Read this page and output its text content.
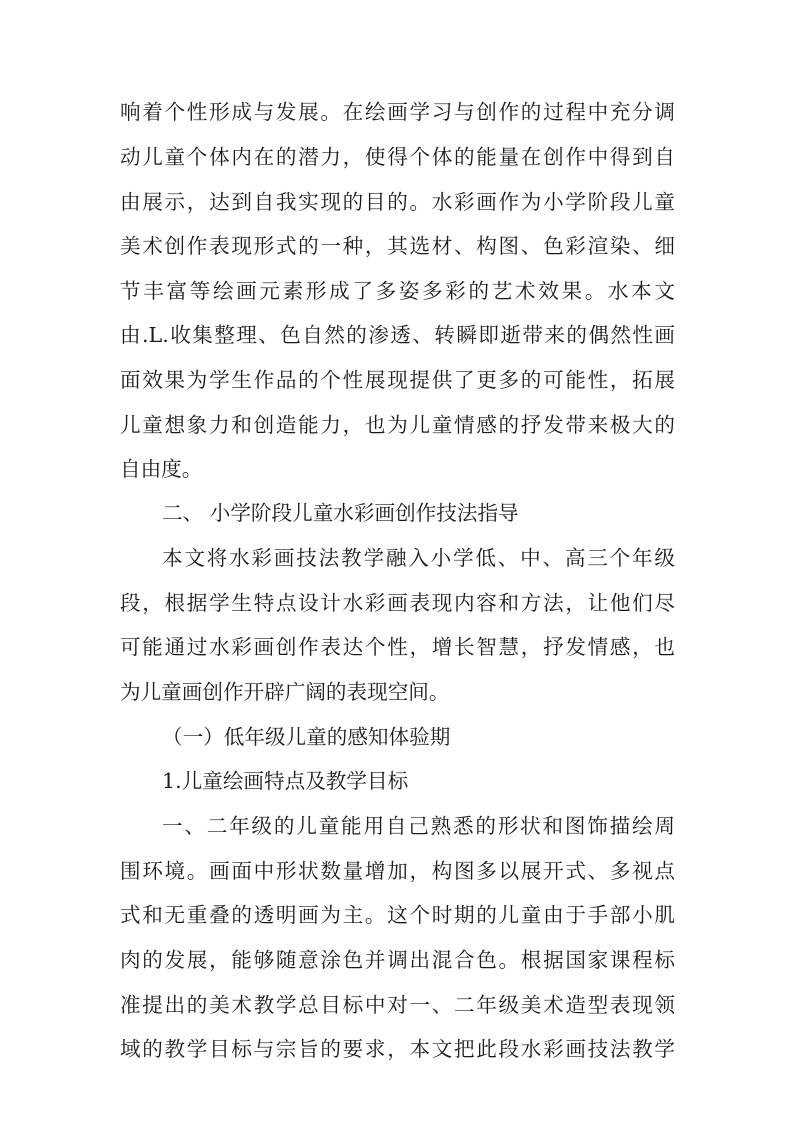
响着个性形成与发展。在绘画学习与创作的过程中充分调
动儿童个体内在的潜力，使得个体的能量在创作中得到自
由展示，达到自我实现的目的。水彩画作为小学阶段儿童
美术创作表现形式的一种，其选材、构图、色彩渲染、细
节丰富等绘画元素形成了多姿多彩的艺术效果。水本文
由.L.收集整理、色自然的渗透、转瞬即逝带来的偶然性画
面效果为学生作品的个性展现提供了更多的可能性，拓展
儿童想象力和创造能力，也为儿童情感的抒发带来极大的
自由度。
二、 小学阶段儿童水彩画创作技法指导
本文将水彩画技法教学融入小学低、中、高三个年级
段，根据学生特点设计水彩画表现内容和方法，让他们尽
可能通过水彩画创作表达个性，增长智慧，抒发情感，也
为儿童画创作开辟广阔的表现空间。
（一）低年级儿童的感知体验期
1.儿童绘画特点及教学目标
一、二年级的儿童能用自己熟悉的形状和图饰描绘周
围环境。画面中形状数量增加，构图多以展开式、多视点
式和无重叠的透明画为主。这个时期的儿童由于手部小肌
肉的发展，能够随意涂色并调出混合色。根据国家课程标
准提出的美术教学总目标中对一、二年级美术造型表现领
域的教学目标与宗旨的要求，本文把此段水彩画技法教学
